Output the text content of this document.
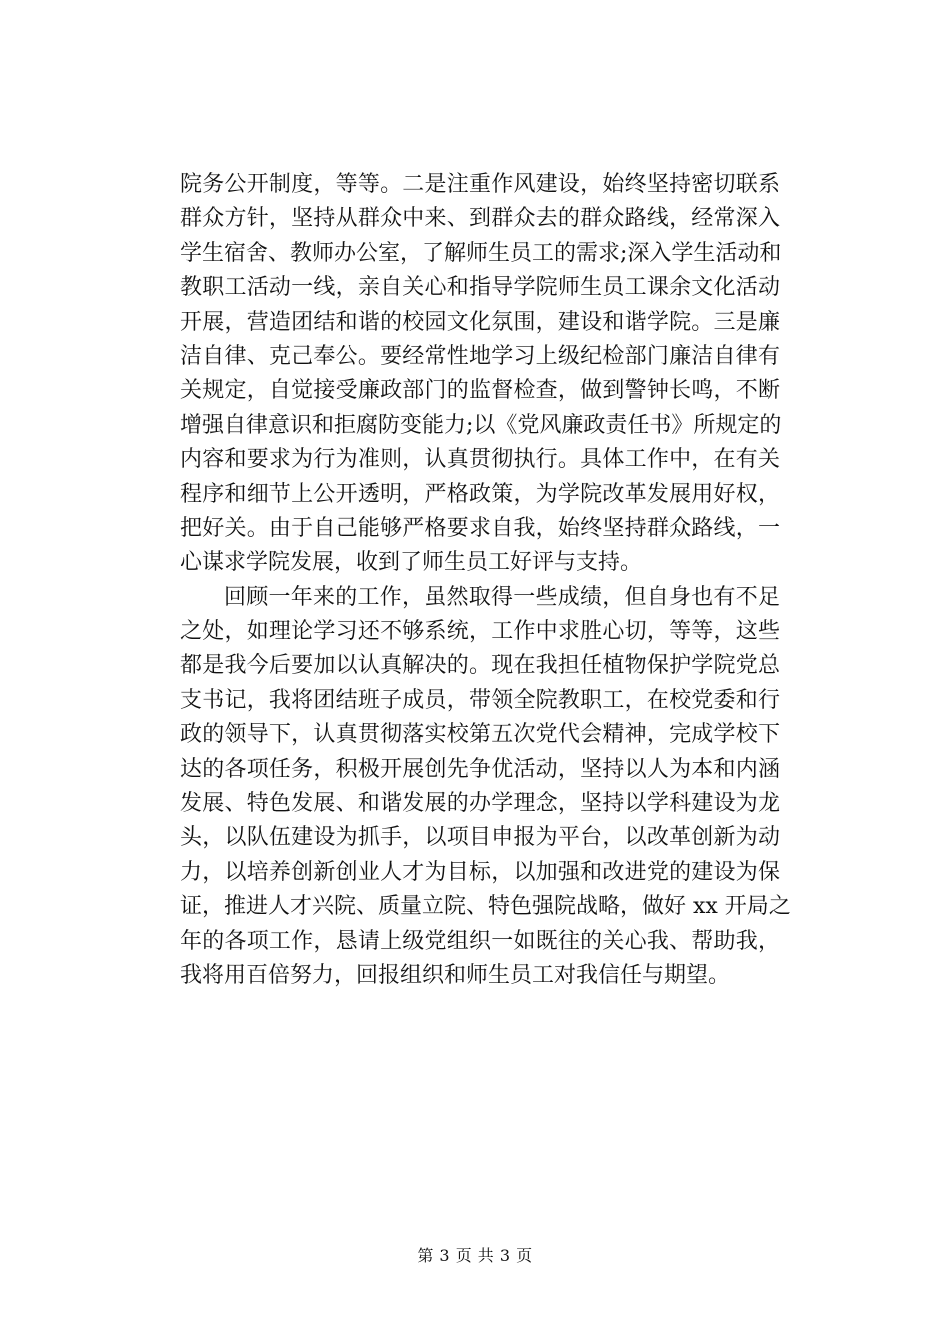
院务公开制度，等等。二是注重作风建设，始终坚持密切联系
群众方针，坚持从群众中来、到群众去的群众路线，经常深入
学生宿舍、教师办公室，了解师生员工的需求;深入学生活动和
教职工活动一线，亲自关心和指导学院师生员工课余文化活动
开展，营造团结和谐的校园文化氛围，建设和谐学院。三是廉
洁自律、克己奉公。要经常性地学习上级纪检部门廉洁自律有
关规定，自觉接受廉政部门的监督检查，做到警钟长鸣，不断
增强自律意识和拒腐防变能力;以《党风廉政责任书》所规定的
内容和要求为行为准则，认真贯彻执行。具体工作中，在有关
程序和细节上公开透明，严格政策，为学院改革发展用好权，
把好关。由于自己能够严格要求自我，始终坚持群众路线，一
心谋求学院发展，收到了师生员工好评与支持。
回顾一年来的工作，虽然取得一些成绩，但自身也有不足
之处，如理论学习还不够系统，工作中求胜心切，等等，这些
都是我今后要加以认真解决的。现在我担任植物保护学院党总
支书记，我将团结班子成员，带领全院教职工，在校党委和行
政的领导下，认真贯彻落实校第五次党代会精神，完成学校下
达的各项任务，积极开展创先争优活动，坚持以人为本和内涵
发展、特色发展、和谐发展的办学理念，坚持以学科建设为龙
头，以队伍建设为抓手，以项目申报为平台，以改革创新为动
力，以培养创新创业人才为目标，以加强和改进党的建设为保
证，推进人才兴院、质量立院、特色强院战略，做好 xx 开局之
年的各项工作，恳请上级党组织一如既往的关心我、帮助我，
我将用百倍努力，回报组织和师生员工对我信任与期望。
第 3 页 共 3 页
